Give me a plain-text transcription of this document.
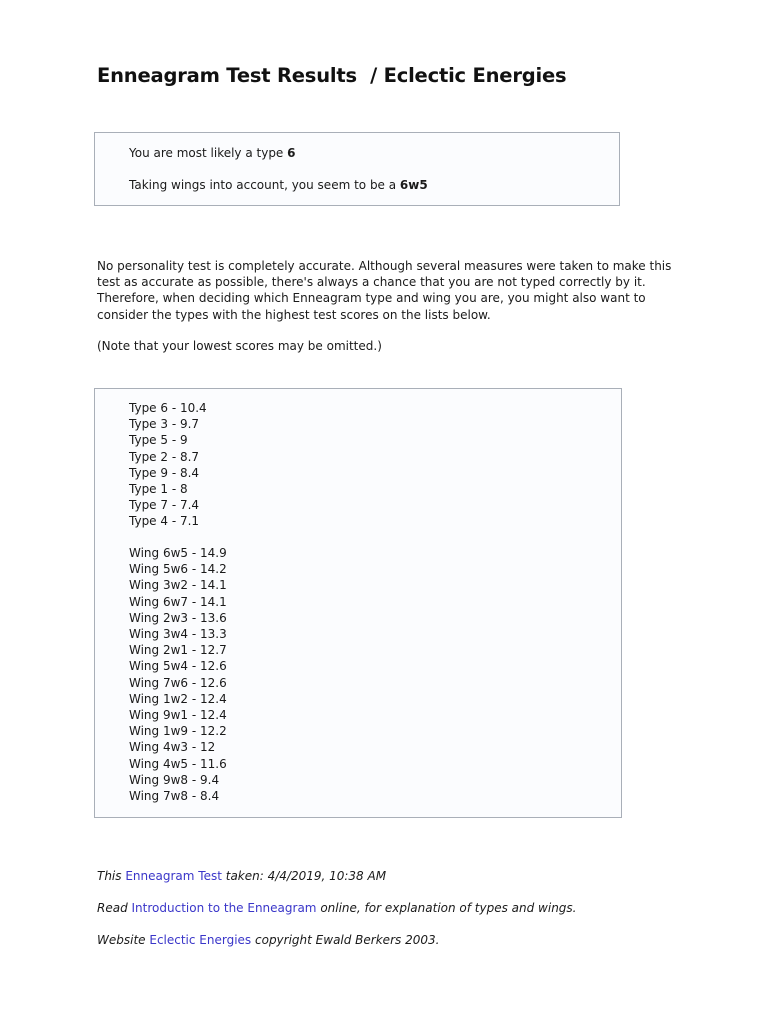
Enneagram Test Results  / Eclectic Energies
You are most likely a type 6
Taking wings into account, you seem to be a 6w5

No personality test is completely accurate. Although several measures were taken to make this test as accurate as possible, there's always a chance that you are not typed correctly by it. Therefore, when deciding which Enneagram type and wing you are, you might also want to consider the types with the highest test scores on the lists below.

(Note that your lowest scores may be omitted.)

Type 6 - 10.4
Type 3 - 9.7
Type 5 - 9
Type 2 - 8.7
Type 9 - 8.4
Type 1 - 8
Type 7 - 7.4
Type 4 - 7.1
Wing 6w5 - 14.9
Wing 5w6 - 14.2
Wing 3w2 - 14.1
Wing 6w7 - 14.1
Wing 2w3 - 13.6
Wing 3w4 - 13.3
Wing 2w1 - 12.7
Wing 5w4 - 12.6
Wing 7w6 - 12.6
Wing 1w2 - 12.4
Wing 9w1 - 12.4
Wing 1w9 - 12.2
Wing 4w3 - 12
Wing 4w5 - 11.6
Wing 9w8 - 9.4
Wing 7w8 - 8.4

This Enneagram Test taken: 4/4/2019, 10:38 AM

Read Introduction to the Enneagram online, for explanation of types and wings.

Website Eclectic Energies copyright Ewald Berkers 2003.
